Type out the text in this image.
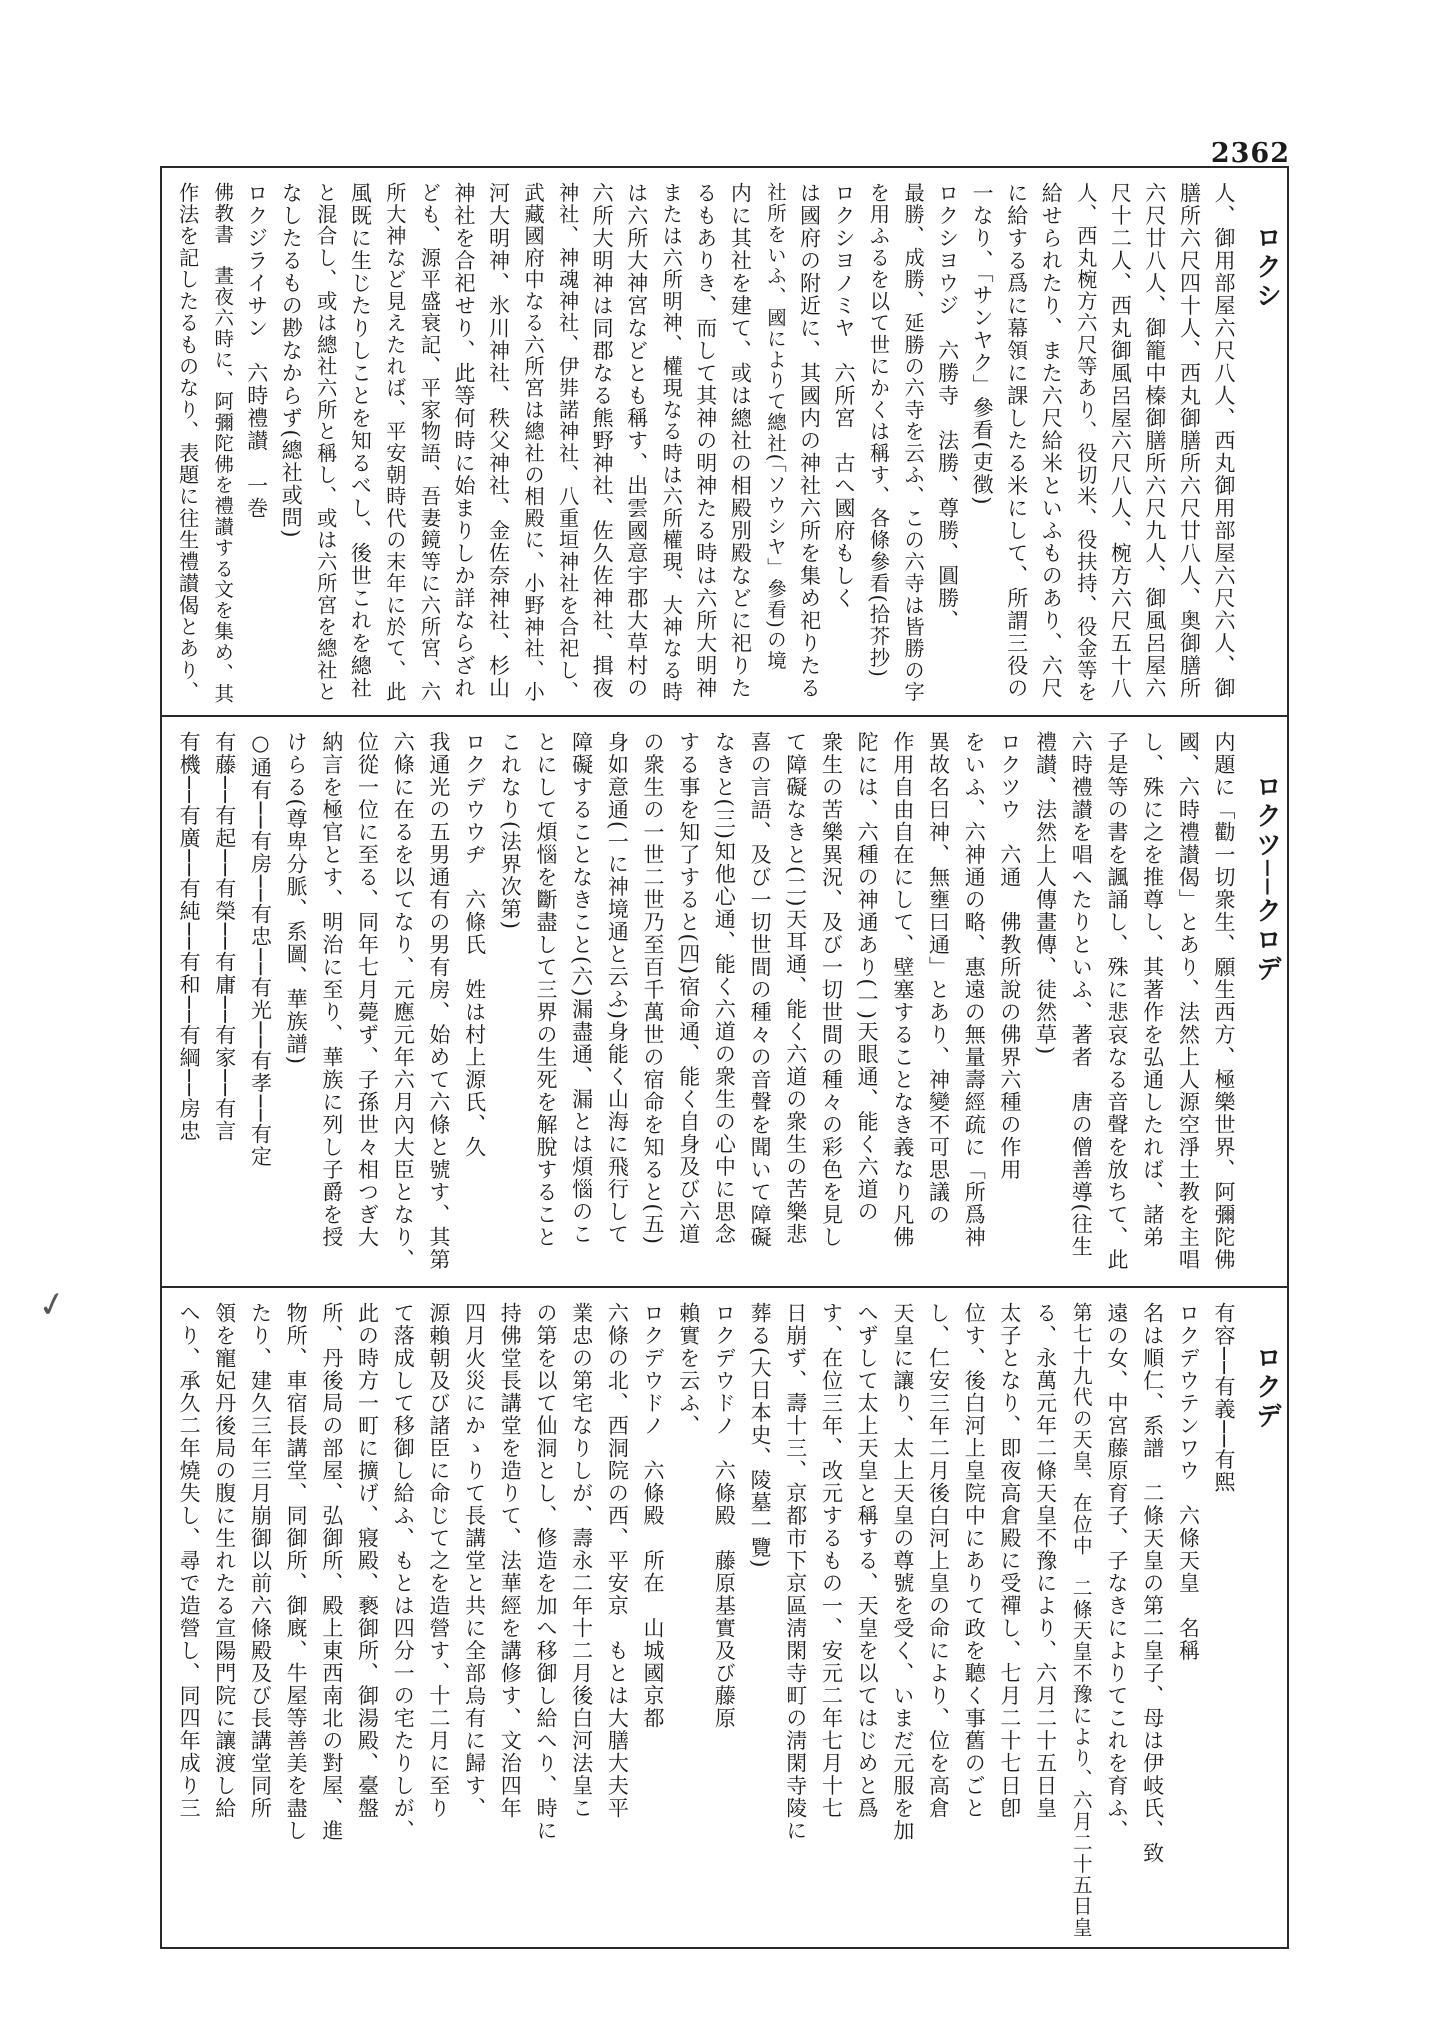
2362
✓
ロクシ
人、御用部屋六尺八人、西丸御用部屋六尺六人、御
膳所六尺四十人、西丸御膳所六尺廿八人、奥御膳所
六尺廿八人、御籠中榛御膳所六尺九人、御風呂屋六
尺十二人、西丸御風呂屋六尺八人、椀方六尺五十八
人、西丸椀方六尺等あり、役切米、役扶持、役金等を
給せられたり、また六尺給米といふものあり、六尺
に給する爲に幕領に課したる米にして、所謂三役の
一なり、「サンヤク」參看(吏徴)
ロクシヨウジ　六勝寺　法勝、尊勝、圓勝、
最勝、成勝、延勝の六寺を云ふ、この六寺は皆勝の字
を用ふるを以て世にかくは稱す、各條參看(拾芥抄)
ロクシヨノミヤ　六所宮　古へ國府もしく
は國府の附近に、其國内の神社六所を集め祀りたる
社所をいふ、國によりて總社(「ソウシヤ」參看)の境
内に其社を建て、或は總社の相殿別殿などに祀りた
るもありき、而して其神の明神たる時は六所大明神
または六所明神、權現なる時は六所權現、大神なる時
は六所大神宮などとも稱す、出雲國意宇郡大草村の
六所大明神は同郡なる熊野神社、佐久佐神社、揖夜
神社、神魂神社、伊弉諾神社、八重垣神社を合祀し、
武藏國府中なる六所宮は總社の相殿に、小野神社、小
河大明神、氷川神社、秩父神社、金佐奈神社、杉山
神社を合祀せり、此等何時に始まりしか詳ならざれ
ども、源平盛衰記、平家物語、吾妻鏡等に六所宮、六
所大神など見えたれば、平安朝時代の末年に於て、此
風既に生じたりしことを知るべし、後世これを總社
と混合し、或は總社六所と稱し、或は六所宮を總社と
なしたるもの尠なからず(總社或問)
ロクジライサン　六時禮讃　一巻
佛教書　晝夜六時に、阿彌陀佛を禮讃する文を集め、其
作法を記したるものなり、表題に往生禮讃偈とあり、
ロクツ──クロデ
内題に「勸一切衆生、願生西方、極樂世界、阿彌陀佛
國、六時禮讃偈」とあり、法然上人源空淨土教を主唱
し、殊に之を推尊し、其著作を弘通したれば、諸弟
子是等の書を諷誦し、殊に悲哀なる音聲を放ちて、此
六時禮讃を唱へたりといふ、著者　唐の僧善導(往生
禮讃、法然上人傳畫傳、徒然草)
ロクツウ　六通　佛教所說の佛界六種の作用
をいふ、六神通の略、惠遠の無量壽經疏に「所爲神
異故名曰神、無壅曰通」とあり、神變不可思議の
作用自由自在にして、壁塞することなき義なり凡佛
陀には、六種の神通あり(一)天眼通、能く六道の
衆生の苦樂異況、及び一切世間の種々の彩色を見し
て障礙なきと(二)天耳通、能く六道の衆生の苦樂悲
喜の言語、及び一切世間の種々の音聲を聞いて障礙
なきと(三)知他心通、能く六道の衆生の心中に思念
する事を知了すると(四)宿命通、能く自身及び六道
の衆生の一世二世乃至百千萬世の宿命を知ると(五)
身如意通(一に神境通と云ふ)身能く山海に飛行して
障礙することなきこと(六)漏盡通、漏とは煩惱のこ
とにして煩惱を斷盡して三界の生死を解脫すること
これなり(法界次第)
ロクデウウヂ　六條氏　姓は村上源氏、久
我通光の五男通有の男有房、始めて六條と號す、其第
六條に在るを以てなり、元應元年六月內大臣となり、
位從一位に至る、同年七月薨ず、子孫世々相つぎ大
納言を極官とす、明治に至り、華族に列し子爵を授
けらる(尊卑分脈、系圖、華族譜)
○通有──有房──有忠──有光──有孝──有定
有藤──有起──有榮──有庸──有家──有言
有機──有廣──有純──有和──有綱──房忠
ロクデ
有容──有義──有熙
ロクデウテンワウ　六條天皇　名稱
名は順仁、系譜　二條天皇の第二皇子、母は伊岐氏、致
遠の女、中宮藤原育子、子なきによりてこれを育ふ、
第七十九代の天皇、在位中　二條天皇不豫により、六月二十五日皇
る、永萬元年二條天皇不豫により、六月二十五日皇
太子となり、即夜高倉殿に受禪し、七月二十七日卽
位す、後白河上皇院中にありて政を聽く事舊のごと
し、仁安三年二月後白河上皇の命により、位を高倉
天皇に讓り、太上天皇の尊號を受く、いまだ元服を加
へずして太上天皇と稱する、天皇を以てはじめと爲
す、在位三年、改元するもの一、安元二年七月十七
日崩ず、壽十三、京都市下京區淸閑寺町の淸閑寺陵に
葬る(大日本史、陵墓一覽)
ロクデウドノ　六條殿　藤原基實及び藤原
賴實を云ふ、
ロクデウドノ　六條殿　所在　山城國京都
六條の北、西洞院の西、平安京　もとは大膳大夫平
業忠の第宅なりしが、壽永二年十二月後白河法皇こ
の第を以て仙洞とし、修造を加へ移御し給へり、時に
持佛堂長講堂を造りて、法華經を講修す、文治四年
四月火災にかゝりて長講堂と共に全部烏有に歸す、
源賴朝及び諸臣に命じて之を造營す、十二月に至り
て落成して移御し給ふ、もとは四分一の宅たりしが、
此の時方一町に擴げ、寢殿、褻御所、御湯殿、臺盤
所、丹後局の部屋、弘御所、殿上東西南北の對屋、進
物所、車宿長講堂、同御所、御廐、牛屋等善美を盡し
たり、建久三年三月崩御以前六條殿及び長講堂同所
領を寵妃丹後局の腹に生れたる宣陽門院に讓渡し給
へり、承久二年燒失し、尋で造營し、同四年成り三
